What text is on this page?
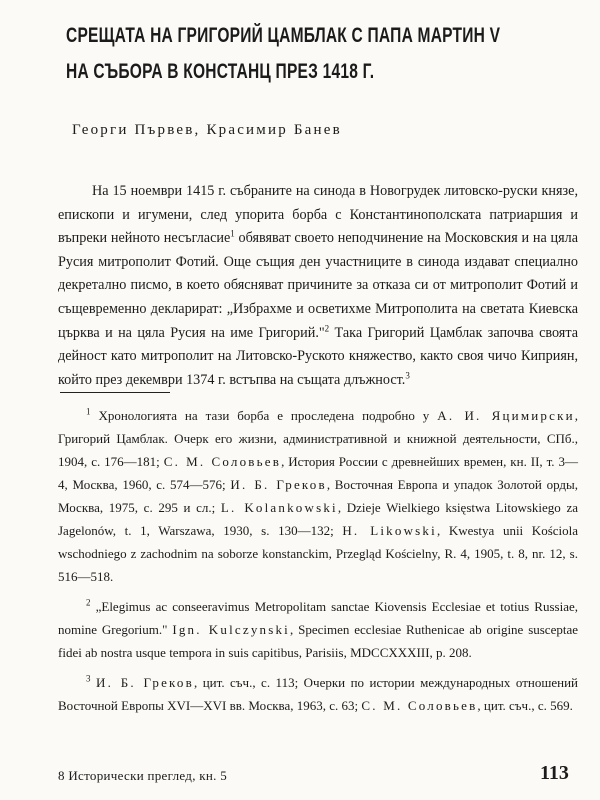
СРЕЩАТА НА ГРИГОРИЙ ЦАМБЛАК С ПАПА МАРТИН V
НА СЪБОРА В КОНСТАНЦ ПРЕЗ 1418 Г.
Георги Първев, Красимир Банев
На 15 ноември 1415 г. събраните на синода в Новогрудек литовско-руски князе, епископи и игумени, след упорита борба с Константинополската патриаршия и въпреки нейното несъгласие$^1$ обявяват своето неподчинение на Московския и на цяла Русия митрополит Фотий. Още същия ден участниците в синода издават специално декретално писмо, в което обясняват причините за отказа си от митрополит Фотий и същевременно декларират: „Избрахме и осветихме Митрополита на светата Киевска църква и на цяла Русия на име Григорий."$^2$ Така Григорий Цамблак започва своята дейност като митрополит на Литовско-Руското княжество, както своя чичо Киприян, който през декември 1374 г. встъпва на същата длъжност.$^3$
$^1$ Хронологията на тази борба е проследена подробно у А. И. Яцимирски, Григорий Цамблак. Очерк его жизни, административной и книжной деятельности, СПб., 1904, с. 176—181; С. М. Соловьев, История России с древнейших времен, кн. II, т. 3—4, Москва, 1960, с. 574—576; И. Б. Греков, Восточная Европа и упадок Золотой орды, Москва, 1975, с. 295 и сл.; L. Kolankowski, Dzieje Wielkiego księstwa Litowskiego za Jagelonów, t. 1, Warszawa, 1930, s. 130—132; H. Likowski, Kwestya unii Kościola wschodniego z zachodnim na soborze konstanckim, Przegląd Kościelny, R. 4, 1905, t. 8, nr. 12, s. 516—518.
$^2$ „Elegimus ac conseeravimus Metropolitam sanctae Kiovensis Ecclesiae et totius Russiae, nomine Gregorium." Ign. Kulczynski, Specimen ecclesiae Ruthenicae ab origine susceptae fidei ab nostra usque tempora in suis capitibus, Parisiis, MDCCXXXIII, p. 208.
$^3$ И. Б. Греков, цит. съч., с. 113; Очерки по истории международных отношений Восточной Европы XVI—XVI вв. Москва, 1963, с. 63; С. М. Соловьев, цит. съч., с. 569.
8 Исторически преглед, кн. 5	113
